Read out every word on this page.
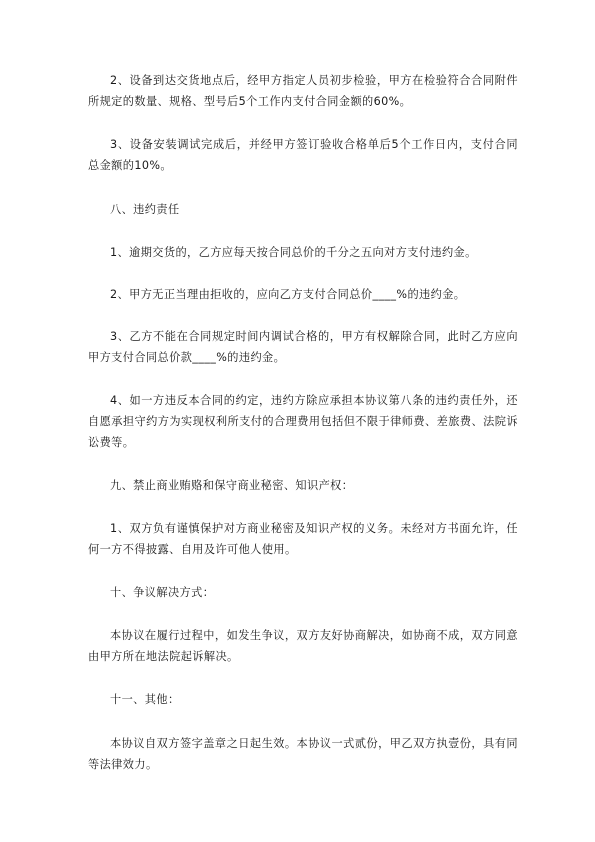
2、设备到达交货地点后，经甲方指定人员初步检验，甲方在检验符合合同附件所规定的数量、规格、型号后5个工作内支付合同金额的60%。

3、设备安装调试完成后，并经甲方签订验收合格单后5个工作日内，支付合同总金额的10%。

八、违约责任

1、逾期交货的，乙方应每天按合同总价的千分之五向对方支付违约金。

2、甲方无正当理由拒收的，应向乙方支付合同总价____%的违约金。

3、乙方不能在合同规定时间内调试合格的，甲方有权解除合同，此时乙方应向甲方支付合同总价款____%的违约金。

4、如一方违反本合同的约定，违约方除应承担本协议第八条的违约责任外，还自愿承担守约方为实现权利所支付的合理费用包括但不限于律师费、差旅费、法院诉讼费等。

九、禁止商业贿赂和保守商业秘密、知识产权：

1、双方负有谨慎保护对方商业秘密及知识产权的义务。未经对方书面允许，任何一方不得披露、自用及许可他人使用。

十、争议解决方式：

本协议在履行过程中，如发生争议，双方友好协商解决，如协商不成，双方同意由甲方所在地法院起诉解决。

十一、其他：

本协议自双方签字盖章之日起生效。本协议一式贰份，甲乙双方执壹份，具有同等法律效力。
